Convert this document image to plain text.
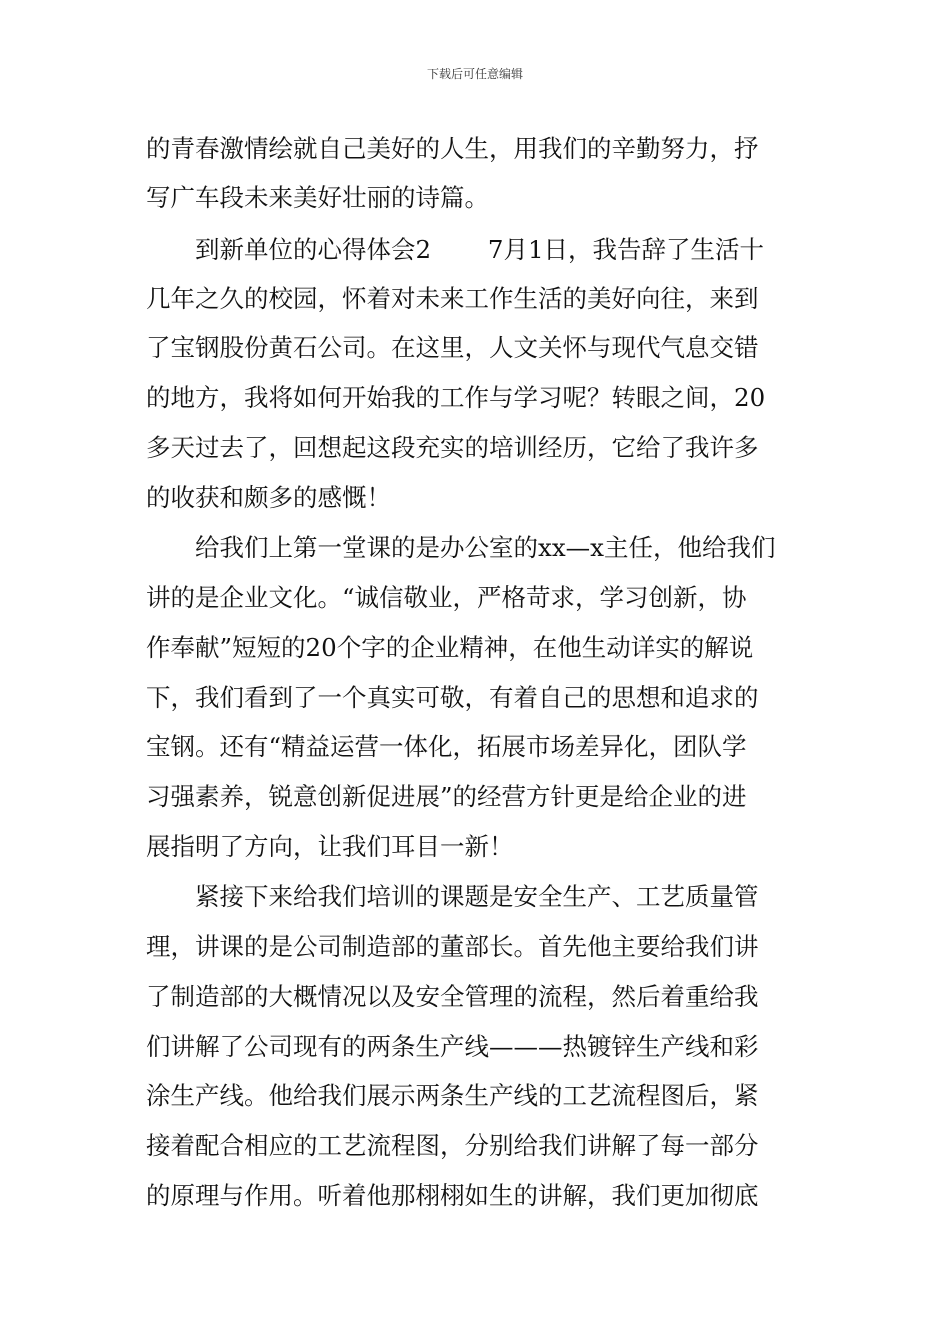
下载后可任意编辑
的青春激情绘就自己美好的人生，用我们的辛勤努力，抒
写广车段未来美好壮丽的诗篇。
　　到新单位的心得体会2　　 7月1日，我告辞了生活十
几年之久的校园，怀着对未来工作生活的美好向往，来到
了宝钢股份黄石公司。在这里，人文关怀与现代气息交错
的地方，我将如何开始我的工作与学习呢？转眼之间，20
多天过去了，回想起这段充实的培训经历，它给了我许多
的收获和颇多的感慨！
　　给我们上第一堂课的是办公室的xx—x主任，他给我们
讲的是企业文化。“诚信敬业，严格苛求，学习创新，协
作奉献”短短的20个字的企业精神，在他生动详实的解说
下，我们看到了一个真实可敬，有着自己的思想和追求的
宝钢。还有“精益运营一体化，拓展市场差异化，团队学
习强素养，锐意创新促进展”的经营方针更是给企业的进
展指明了方向，让我们耳目一新！
　　紧接下来给我们培训的课题是安全生产、工艺质量管
理，讲课的是公司制造部的董部长。首先他主要给我们讲
了制造部的大概情况以及安全管理的流程，然后着重给我
们讲解了公司现有的两条生产线———热镀锌生产线和彩
涂生产线。他给我们展示两条生产线的工艺流程图后，紧
接着配合相应的工艺流程图，分别给我们讲解了每一部分
的原理与作用。听着他那栩栩如生的讲解，我们更加彻底
